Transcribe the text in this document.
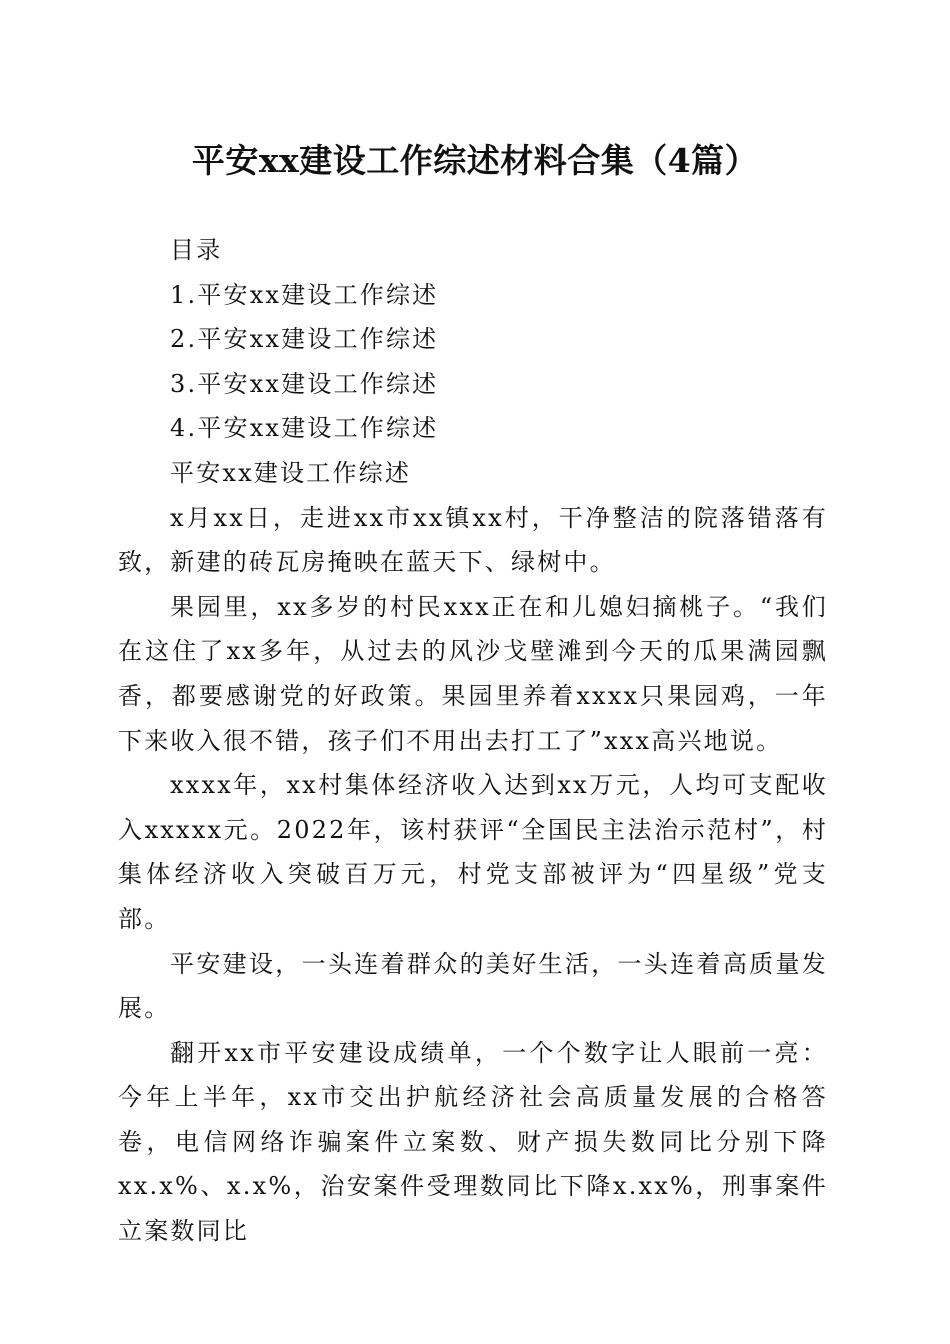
平安xx建设工作综述材料合集（4篇）

目录

1.平安xx建设工作综述

2.平安xx建设工作综述

3.平安xx建设工作综述

4.平安xx建设工作综述

平安xx建设工作综述

x月xx日，走进xx市xx镇xx村，干净整洁的院落错落有致，新建的砖瓦房掩映在蓝天下、绿树中。

果园里，xx多岁的村民xxx正在和儿媳妇摘桃子。“我们在这住了xx多年，从过去的风沙戈壁滩到今天的瓜果满园飘香，都要感谢党的好政策。果园里养着xxxx只果园鸡，一年下来收入很不错，孩子们不用出去打工了”xxx高兴地说。

xxxx年，xx村集体经济收入达到xx万元，人均可支配收入xxxxx元。2022年，该村获评“全国民主法治示范村”，村集体经济收入突破百万元，村党支部被评为“四星级”党支部。

平安建设，一头连着群众的美好生活，一头连着高质量发展。

翻开xx市平安建设成绩单，一个个数字让人眼前一亮：今年上半年，xx市交出护航经济社会高质量发展的合格答卷，电信网络诈骗案件立案数、财产损失数同比分别下降xx.x%、x.x%，治安案件受理数同比下降x.xx%，刑事案件立案数同比
